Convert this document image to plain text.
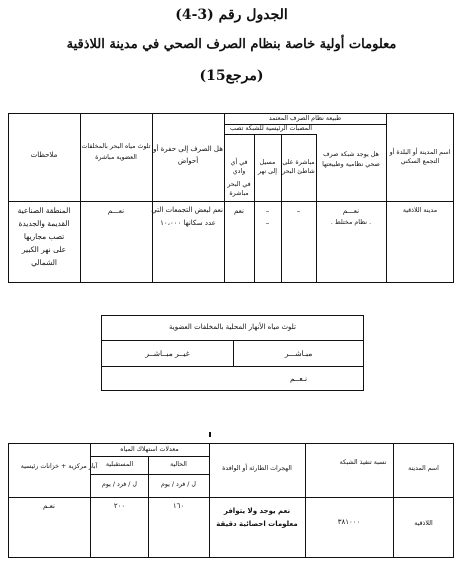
الجدول رقم (3-4)
معلومات أولية خاصة بنظام الصرف الصحي في مدينة اللاذقية
(مرجع15)
اسم المدينة أو البلدة أو التجمع السكني
طبيعة نظام الصرف المعتمد
المصبات الرئيسية للشبكة تصب
هل يوجد شبكة صرف صحي نظامية وطبيعتها
مباشرة على شاطئ البحر
مسيل إلى نهر
في أي وادي
في البحر مباشرة
هل الصرف إلى حفرة أو أحواض
تلوث مياه البحر بالمخلفات العضوية مباشرة
ملاحظات
مدينة اللاذقية
نعـــم
. نظام مختلط .
–
–
–
نعم
نعم لبعض التجمعات التي
عدد سكانها ١٠،٠٠٠
نعـــم
المنطقة الصناعية
القديمة والجديدة
تصب مجاريها
على نهر الكبير
الشمالي
تلوث مياه الأنهار المحلية بالمخلفات العضوية
مبـاشـــر
غيــر مبــاشــر
نـعــم
اسم المدينة
نسبة تنفيذ الشبكة
الهجرات الطارئة أو الوافدة
معدلات استهلاك المياه
الحالية
المستقبلية
ل / فرد / يوم
ل / فرد / يوم
آبار مركزية + خزانات رئيسية
اللاذقية
٣٨١٠٠٠
نعم يوجد ولا يتوافر
معلومات احصائية دقيقة
١٦٠
٢٠٠
نعـم
